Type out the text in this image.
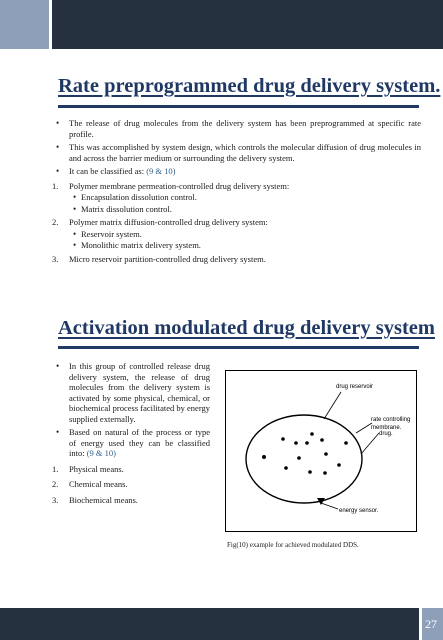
Rate preprogrammed drug delivery system.
• The release of drug molecules from the delivery system has been preprogrammed at specific rate profile.
• This was accomplished by system design, which controls the molecular diffusion of drug molecules in and across the barrier medium or surrounding the delivery system.
• It can be classified as: (9 & 10)
1. Polymer membrane permeation-controlled drug delivery system:
• Encapsulation dissolution control.
• Matrix dissolution control.
2. Polymer matrix diffusion-controlled drug delivery system:
• Reservoir system.
• Monolithic matrix delivery system.
3. Micro reservoir partition-controlled drug delivery system.
Activation modulated drug delivery system
• In this group of controlled release drug delivery system, the release of drug molecules from the delivery system is activated by some physical, chemical, or biochemical process facilitated by energy supplied externally.
• Based on natural of the process or type of energy used they can be classified into: (9 & 10)
1. Physical means.
2. Chemical means.
3. Biochemical means.
drug reservoir
rate controlling
membrane.
drug.
energy sensor.
Fig(10) example for achieved modulated DDS.
27
